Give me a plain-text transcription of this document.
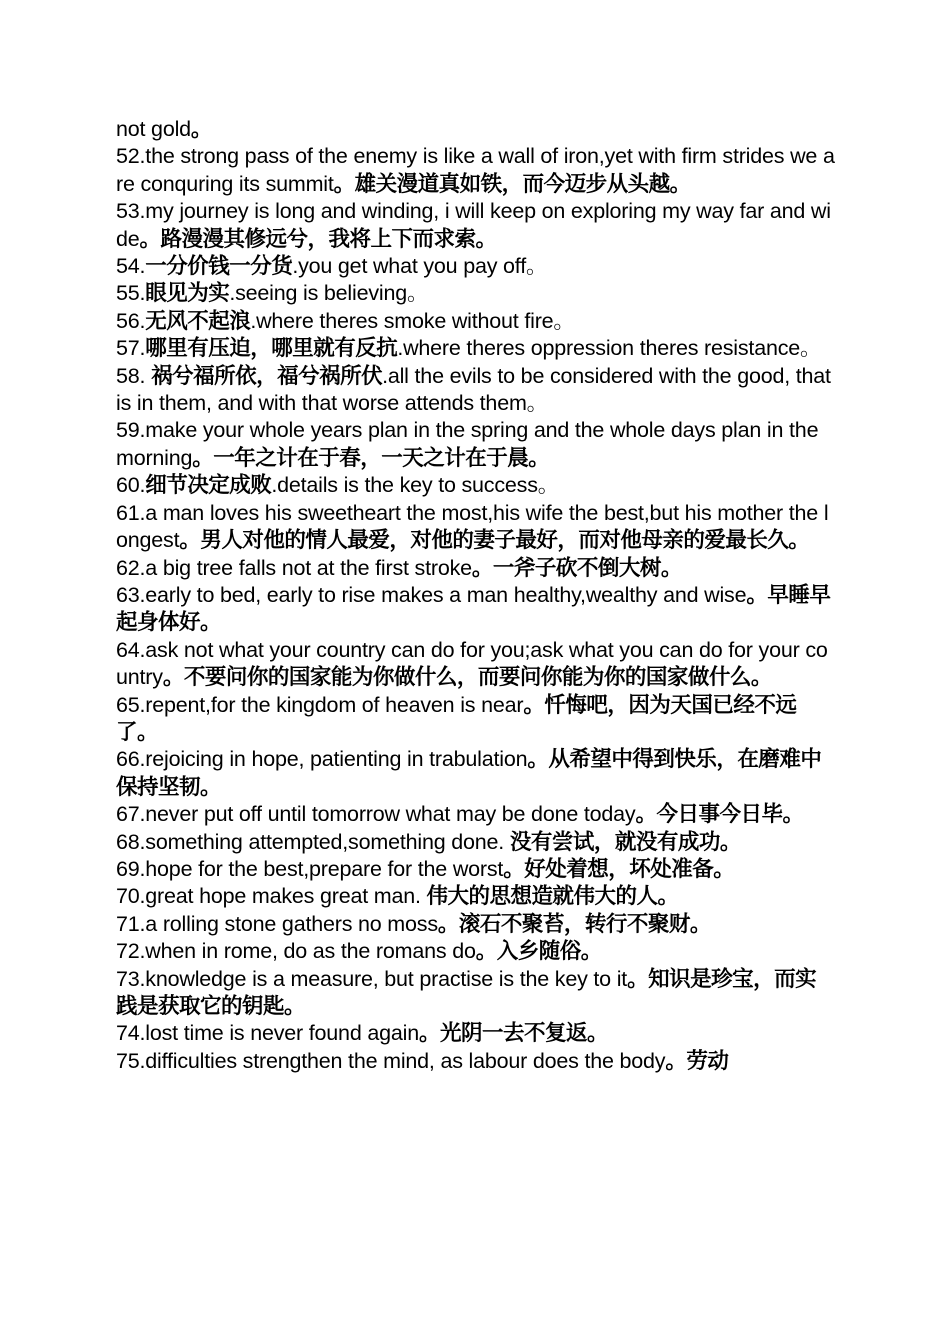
not gold。

52.the strong pass of the enemy is like a wall of iron,yet with firm strides we are conquring its summit。雄关漫道真如铁，而今迈步从头越。

53.my journey is long and winding, i will keep on exploring my way far and wide。路漫漫其修远兮，我将上下而求索。

54.一分价钱一分货.you get what you pay off。

55.眼见为实.seeing is believing。

56.无风不起浪.where theres smoke without fire。

57.哪里有压迫，哪里就有反抗.where theres oppression theres resistance。

58. 祸兮福所依，福兮祸所伏.all the evils to be considered with the good, that is in them, and with that worse attends them。

59.make your whole years plan in the spring and the whole days plan in the morning。一年之计在于春，一天之计在于晨。

60.细节决定成败.details is the key to success。

61.a man loves his sweetheart the most,his wife the best,but his mother the longest。男人对他的情人最爱，对他的妻子最好，而对他母亲的爱最长久。

62.a big tree falls not at the first stroke。一斧子砍不倒大树。

63.early to bed, early to rise makes a man healthy,wealthy and wise。早睡早起身体好。

64.ask not what your country can do for you;ask what you can do for your country。不要问你的国家能为你做什么，而要问你能为你的国家做什么。

65.repent,for the kingdom of heaven is near。忏悔吧，因为天国已经不远了。

66.rejoicing in hope, patienting in trabulation。从希望中得到快乐，在磨难中保持坚韧。

67.never put off until tomorrow what may be done today。今日事今日毕。

68.something attempted,something done. 没有尝试，就没有成功。

69.hope for the best,prepare for the worst。好处着想，坏处准备。

70.great hope makes great man. 伟大的思想造就伟大的人。

71.a rolling stone gathers no moss。滚石不聚苔，转行不聚财。

72.when in rome, do as the romans do。入乡随俗。

73.knowledge is a measure, but practise is the key to it。知识是珍宝，而实践是获取它的钥匙。

74.lost time is never found again。光阴一去不复返。

75.difficulties strengthen the mind, as labour does the body。劳动
